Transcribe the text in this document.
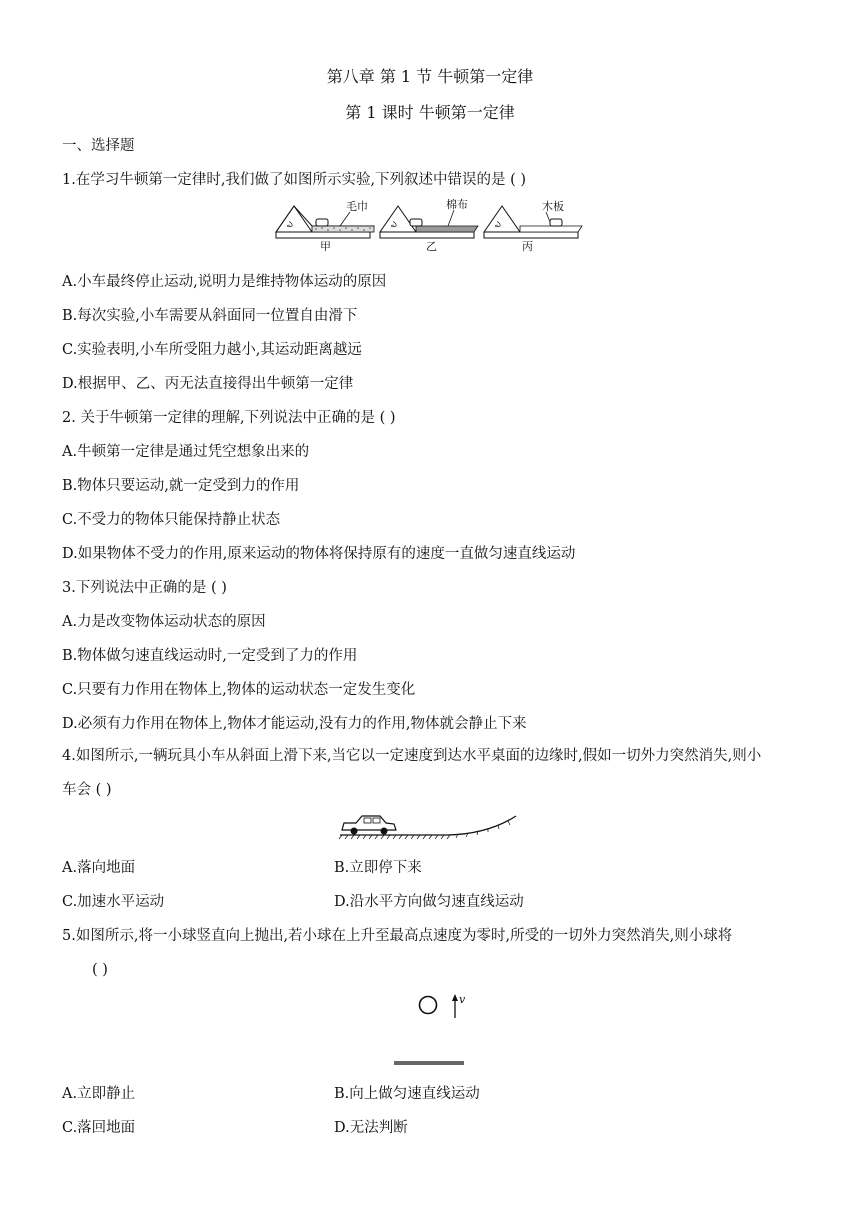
第八章 第 1 节 牛顿第一定律
第 1 课时 牛顿第一定律
一、选择题
1.在学习牛顿第一定律时,我们做了如图所示实验,下列叙述中错误的是 ( )
ఎ
毛巾
甲
ఎ
棉布
乙
ఎ
木板
丙
A.小车最终停止运动,说明力是维持物体运动的原因
B.每次实验,小车需要从斜面同一位置自由滑下
C.实验表明,小车所受阻力越小,其运动距离越远
D.根据甲、乙、丙无法直接得出牛顿第一定律
2. 关于牛顿第一定律的理解,下列说法中正确的是 ( )
A.牛顿第一定律是通过凭空想象出来的
B.物体只要运动,就一定受到力的作用
C.不受力的物体只能保持静止状态
D.如果物体不受力的作用,原来运动的物体将保持原有的速度一直做匀速直线运动
3.下列说法中正确的是 ( )
A.力是改变物体运动状态的原因
B.物体做匀速直线运动时,一定受到了力的作用
C.只要有力作用在物体上,物体的运动状态一定发生变化
D.必须有力作用在物体上,物体才能运动,没有力的作用,物体就会静止下来
4.如图所示,一辆玩具小车从斜面上滑下来,当它以一定速度到达水平桌面的边缘时,假如一切外力突然消失,则小
车会 ( )
A.落向地面	B.立即停下来
C.加速水平运动	D.沿水平方向做匀速直线运动
5.如图所示,将一小球竖直向上抛出,若小球在上升至最高点速度为零时,所受的一切外力突然消失,则小球将
( )
v
A.立即静止	B.向上做匀速直线运动
C.落回地面	D.无法判断
